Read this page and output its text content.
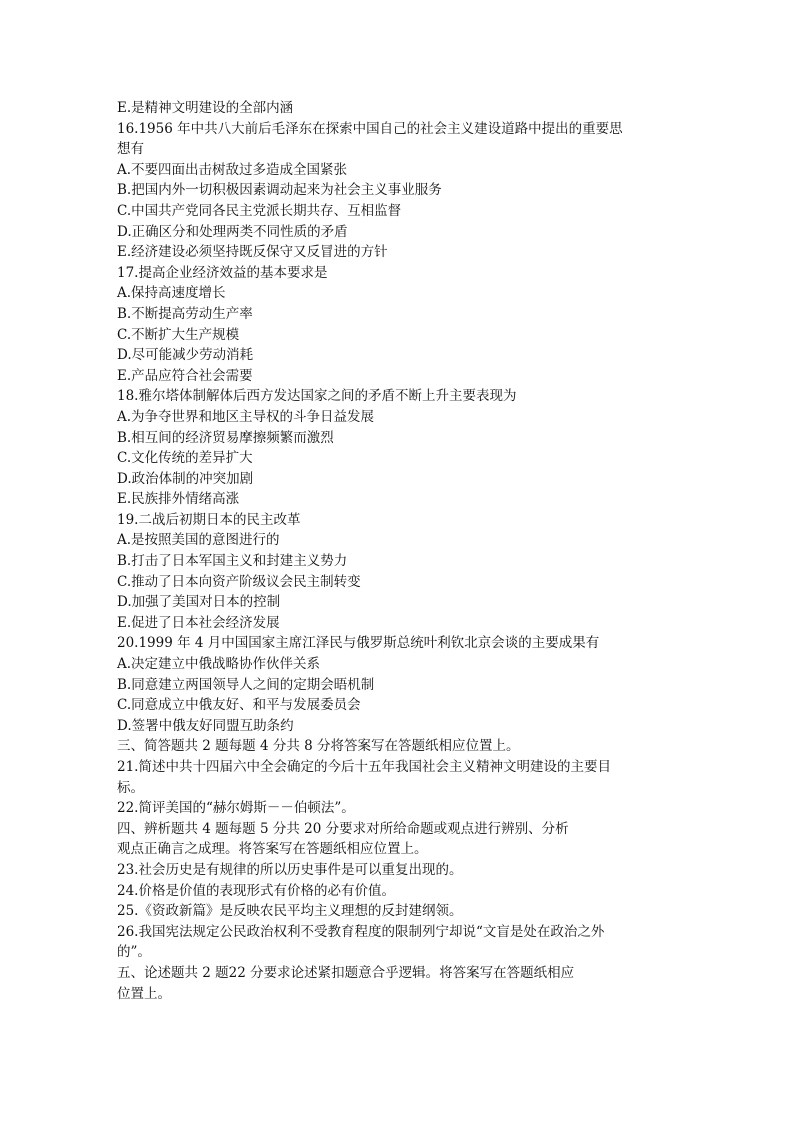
E.是精神文明建设的全部内涵

16.1956 年中共八大前后毛泽东在探索中国自己的社会主义建设道路中提出的重要思

想有

A.不要四面出击树敌过多造成全国紧张

B.把国内外一切积极因素调动起来为社会主义事业服务

C.中国共产党同各民主党派长期共存、互相监督

D.正确区分和处理两类不同性质的矛盾

E.经济建设必须坚持既反保守又反冒进的方针

17.提高企业经济效益的基本要求是

A.保持高速度增长

B.不断提高劳动生产率

C.不断扩大生产规模

D.尽可能减少劳动消耗

E.产品应符合社会需要

18.雅尔塔体制解体后西方发达国家之间的矛盾不断上升主要表现为

A.为争夺世界和地区主导权的斗争日益发展

B.相互间的经济贸易摩擦频繁而激烈

C.文化传统的差异扩大

D.政治体制的冲突加剧

E.民族排外情绪高涨

19.二战后初期日本的民主改革

A.是按照美国的意图进行的

B.打击了日本军国主义和封建主义势力

C.推动了日本向资产阶级议会民主制转变

D.加强了美国对日本的控制

E.促进了日本社会经济发展

20.1999 年 4 月中国国家主席江泽民与俄罗斯总统叶利钦北京会谈的主要成果有

A.决定建立中俄战略协作伙伴关系

B.同意建立两国领导人之间的定期会晤机制

C.同意成立中俄友好、和平与发展委员会

D.签署中俄友好同盟互助条约

三、简答题共 2 题每题 4 分共 8 分将答案写在答题纸相应位置上。

21.简述中共十四届六中全会确定的今后十五年我国社会主义精神文明建设的主要目

标。

22.简评美国的“赫尔姆斯－－伯顿法”。

四、辨析题共 4 题每题 5 分共 20 分要求对所给命题或观点进行辨别、分析

观点正确言之成理。将答案写在答题纸相应位置上。

23.社会历史是有规律的所以历史事件是可以重复出现的。

24.价格是价值的表现形式有价格的必有价值。

25.《资政新篇》是反映农民平均主义理想的反封建纲领。

26.我国宪法规定公民政治权利不受教育程度的限制列宁却说“文盲是处在政治之外

的”。

五、论述题共 2 题22 分要求论述紧扣题意合乎逻辑。将答案写在答题纸相应

位置上。
